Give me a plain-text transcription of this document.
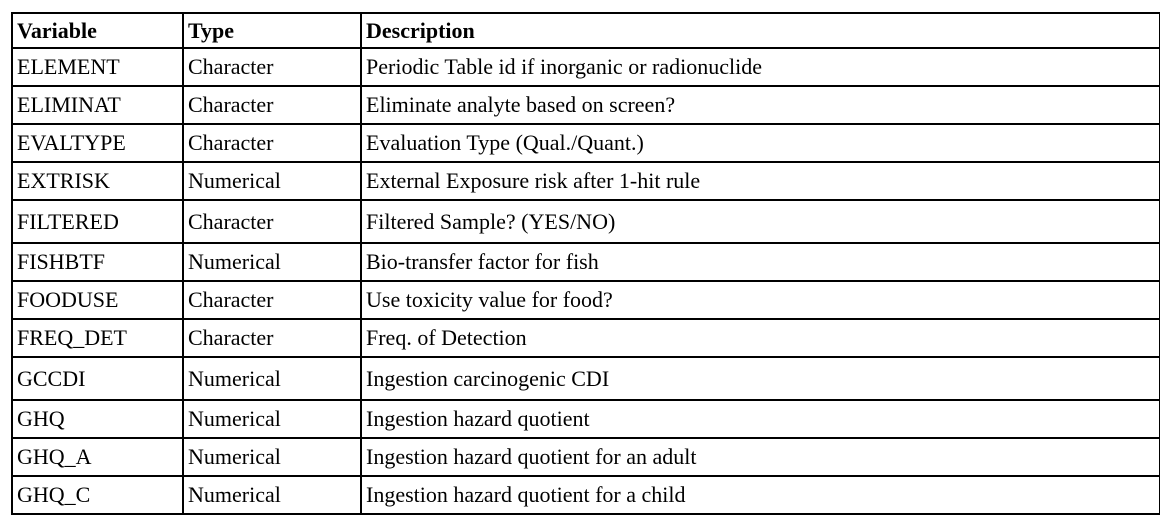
Variable	Type	Description
ELEMENT	Character	Periodic Table id if inorganic or radionuclide
ELIMINAT	Character	Eliminate analyte based on screen?
EVALTYPE	Character	Evaluation Type (Qual./Quant.)
EXTRISK	Numerical	External Exposure risk after 1-hit rule
FILTERED	Character	Filtered Sample? (YES/NO)
FISHBTF	Numerical	Bio-transfer factor for fish
FOODUSE	Character	Use toxicity value for food?
FREQ_DET	Character	Freq. of Detection
GCCDI	Numerical	Ingestion carcinogenic CDI
GHQ	Numerical	Ingestion hazard quotient
GHQ_A	Numerical	Ingestion hazard quotient for an adult
GHQ_C	Numerical	Ingestion hazard quotient for a child
